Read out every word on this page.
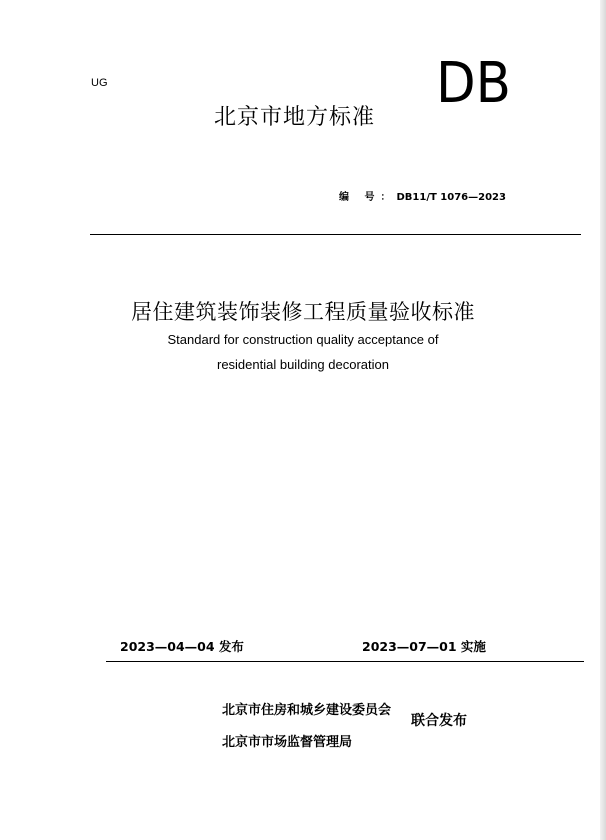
UG
北京市地方标准
DB
编 号：DB11/T 1076—2023
居住建筑装饰装修工程质量验收标准
Standard for construction quality acceptance of
residential building decoration
2023—04—04 发布	2023—07—01 实施
北京市住房和城乡建设委员会
北京市市场监督管理局
联合发布
